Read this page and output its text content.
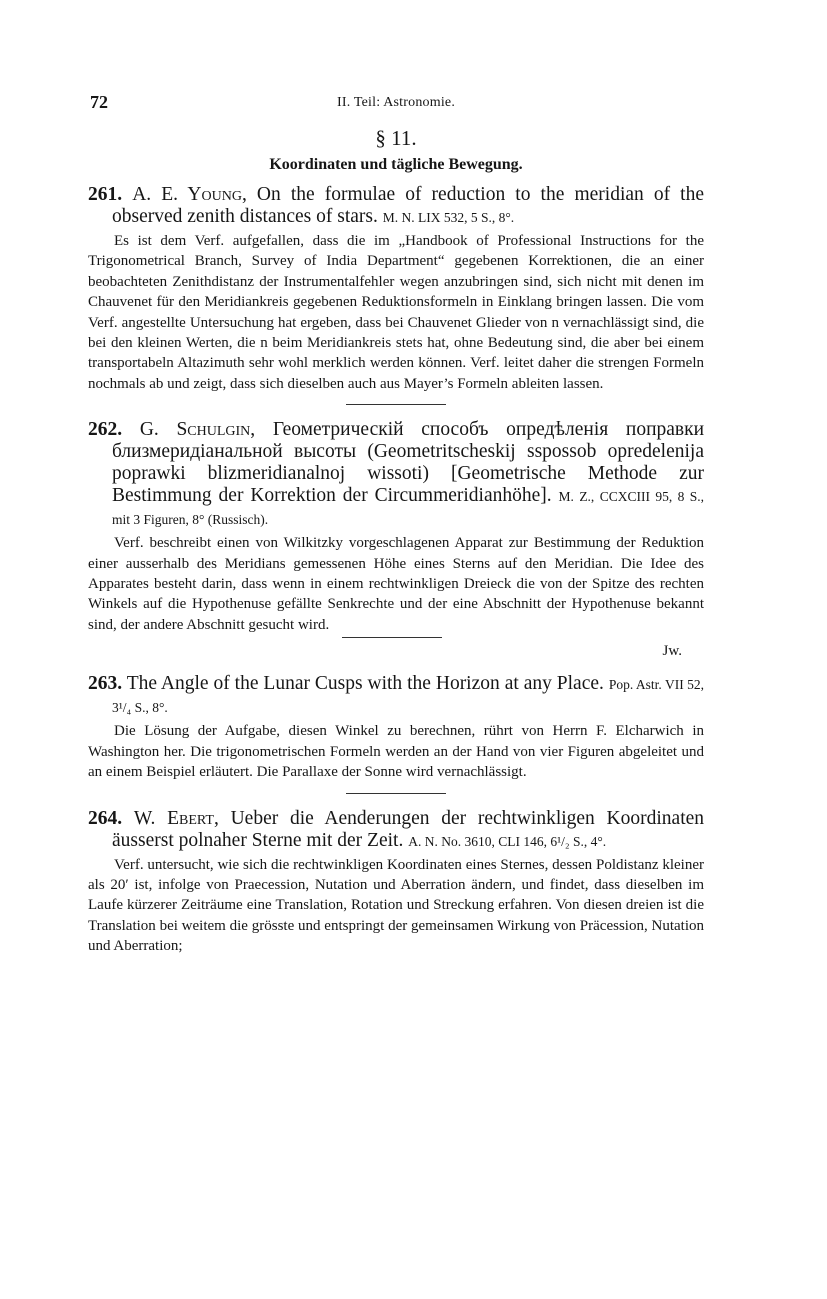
72	II. Teil: Astronomie.
§ 11.
Koordinaten und tägliche Bewegung.
261. A. E. Young, On the formulae of reduction to the meridian of the observed zenith distances of stars. M. N. LIX 532, 5 S., 8°.
Es ist dem Verf. aufgefallen, dass die im „Handbook of Professional Instructions for the Trigonometrical Branch, Survey of India Department“ gegebenen Korrektionen, die an einer beobachteten Zenithdistanz der Instrumentalfehler wegen anzubringen sind, sich nicht mit denen im Chauvenet für den Meridiankreis gegebenen Reduktionsformeln in Einklang bringen lassen. Die vom Verf. angestellte Untersuchung hat ergeben, dass bei Chauvenet Glieder von n vernachlässigt sind, die bei den kleinen Werten, die n beim Meridiankreis stets hat, ohne Bedeutung sind, die aber bei einem transportabeln Altazimuth sehr wohl merklich werden können. Verf. leitet daher die strengen Formeln nochmals ab und zeigt, dass sich dieselben auch aus Mayer’s Formeln ableiten lassen.
262. G. Schulgin, Геометрическій способъ опредѣленія поправки близмеридіанальной высоты (Geometritscheskij sspossob opredelenija poprawki blizmeridianalnoj wissoti) [Geometrische Methode zur Bestimmung der Korrektion der Circummeridianhöhe]. M. Z., CCXCIII 95, 8 S., mit 3 Figuren, 8° (Russisch).
Verf. beschreibt einen von Wilkitzky vorgeschlagenen Apparat zur Bestimmung der Reduktion einer ausserhalb des Meridians gemessenen Höhe eines Sterns auf den Meridian. Die Idee des Apparates besteht darin, dass wenn in einem rechtwinkligen Dreieck die von der Spitze des rechten Winkels auf die Hypothenuse gefällte Senkrechte und der eine Abschnitt der Hypothenuse bekannt sind, der andere Abschnitt gesucht wird.
Jw.
263. The Angle of the Lunar Cusps with the Horizon at any Place. Pop. Astr. VII 52, 3¹/₄ S., 8°.
Die Lösung der Aufgabe, diesen Winkel zu berechnen, rührt von Herrn F. Elcharwich in Washington her. Die trigonometrischen Formeln werden an der Hand von vier Figuren abgeleitet und an einem Beispiel erläutert. Die Parallaxe der Sonne wird vernachlässigt.
264. W. Ebert, Ueber die Aenderungen der rechtwinkligen Koordinaten äusserst polnaher Sterne mit der Zeit. A. N. No. 3610, CLI 146, 6¹/₂ S., 4°.
Verf. untersucht, wie sich die rechtwinkligen Koordinaten eines Sternes, dessen Poldistanz kleiner als 20′ ist, infolge von Praecession, Nutation und Aberration ändern, und findet, dass dieselben im Laufe kürzerer Zeiträume eine Translation, Rotation und Streckung erfahren. Von diesen dreien ist die Translation bei weitem die grösste und entspringt der gemeinsamen Wirkung von Präcession, Nutation und Aberration;
